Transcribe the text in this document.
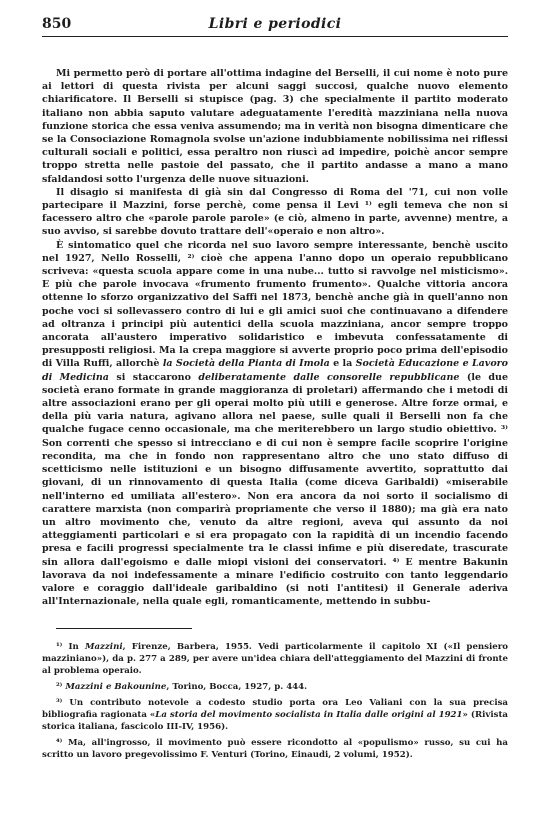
850	Libri e periodici

Mi permetto però di portare all'ottima indagine del Berselli, il cui nome è noto pure ai lettori di questa rivista per alcuni saggi succosi, qualche nuovo elemento chiarificatore. Il Berselli si stupisce (pag. 3) che specialmente il partito moderato italiano non abbia saputo valutare adeguatamente l'eredità mazziniana nella nuova funzione storica che essa veniva assumendo; ma in verità non bisogna dimenticare che se la Consociazione Romagnola svolse un'azione indubbiamente nobilissima nei riflessi culturali sociali e politici, essa peraltro non riuscì ad impedire, poichè ancor sempre troppo stretta nelle pastoie del passato, che il partito andasse a mano a mano sfaldandosi sotto l'urgenza delle nuove situazioni.

Il disagio si manifestа di già sin dal Congresso di Roma del '71, cui non volle partecipare il Mazzini, forse perchè, come pensa il Levi ¹⁾ egli temeva che non si facessero altro che «parole parole parole» (e ciò, almeno in parte, avvenne) mentre, a suo avviso, si sarebbe dovuto trattare dell'«operaio e non altro».

È sintomatico quel che ricorda nel suo lavoro sempre interessante, benchè uscito nel 1927, Nello Rosselli, ²⁾ cioè che appena l'anno dopo un operaio repubblicano scriveva: «questa scuola appare come in una nube... tutto si ravvolge nel misticismo». E più che parole invocava «frumento frumento frumento». Qualche vittoria ancora ottenne lo sforzo organizzativo del Saffi nel 1873, benchè anche già in quell'anno non poche voci si sollevassero contro di lui e gli amici suoi che continuavano a difendere ad oltranza i principi più autentici della scuola mazziniana, ancor sempre troppo ancorata all'austero imperativo solidaristico e imbevuta confessatamente di presupposti religiosi. Ma la crepa maggiore si avverte proprio poco prima dell'episodio di Villa Ruffi, allorchè la Società della Pianta di Imola e la Società Educazione e Lavoro di Medicina si staccarono deliberatamente dalle consorelle repubblicane (le due società erano formate in grande maggioranza di proletari) affermando che i metodi di altre associazioni erano per gli operai molto più utili e generose. Altre forze ormai, e della più varia natura, agivano allora nel paese, sulle quali il Berselli non fa che qualche fugace cenno occasionale, ma che meriterebbero un largo studio obiettivo. ³⁾ Son correnti che spesso si intrecciano e di cui non è sempre facile scoprire l'origine recondita, ma che in fondo non rappresentano altro che uno stato diffuso di scetticismo nelle istituzioni e un bisogno diffusamente avvertito, soprattutto dai giovani, di un rinnovamento di questa Italia (come diceva Garibaldi) «miserabile nell'interno ed umiliata all'estero». Non era ancora da noi sorto il socialismo di carattere marxista (non comparirà propriamente che verso il 1880); ma già era nato un altro movimento che, venuto da altre regioni, aveva qui assunto da noi atteggiamenti particolari e si era propagato con la rapidità di un incendio facendo presa e facili progressi specialmente tra le classi infime e più diseredate, trascurate sin allora dall'egoismo e dalle miopi visioni dei conservatori. ⁴⁾ E mentre Bakunin lavorava da noi indefessamente a minare l'edificio costruito con tanto leggendario valore e coraggio dall'ideale garibaldino (si noti l'antitesi) il Generale aderiva all'Internazionale, nella quale egli, romanticamente, mettendo in subbu-

¹⁾ In Mazzini, Firenze, Barbera, 1955. Vedi particolarmente il capitolo XI («Il pensiero mazziniano»), da p. 277 a 289, per avere un'idea chiara dell'atteggiamento del Mazzini di fronte al problema operaio.

²⁾ Mazzini e Bakounine, Torino, Bocca, 1927, p. 444.

³⁾ Un contributo notevole a codesto studio porta ora Leo Valiani con la sua precisa bibliografia ragionata «La storia del movimento socialista in Italia dalle origini al 1921» (Rivista storica italiana, fascicolo III-IV, 1956).

⁴⁾ Ma, all'ingrosso, il movimento può essere ricondotto al «populismo» russo, su cui ha scritto un lavoro pregevolissimo F. Venturi (Torino, Einaudi, 2 volumi, 1952).
